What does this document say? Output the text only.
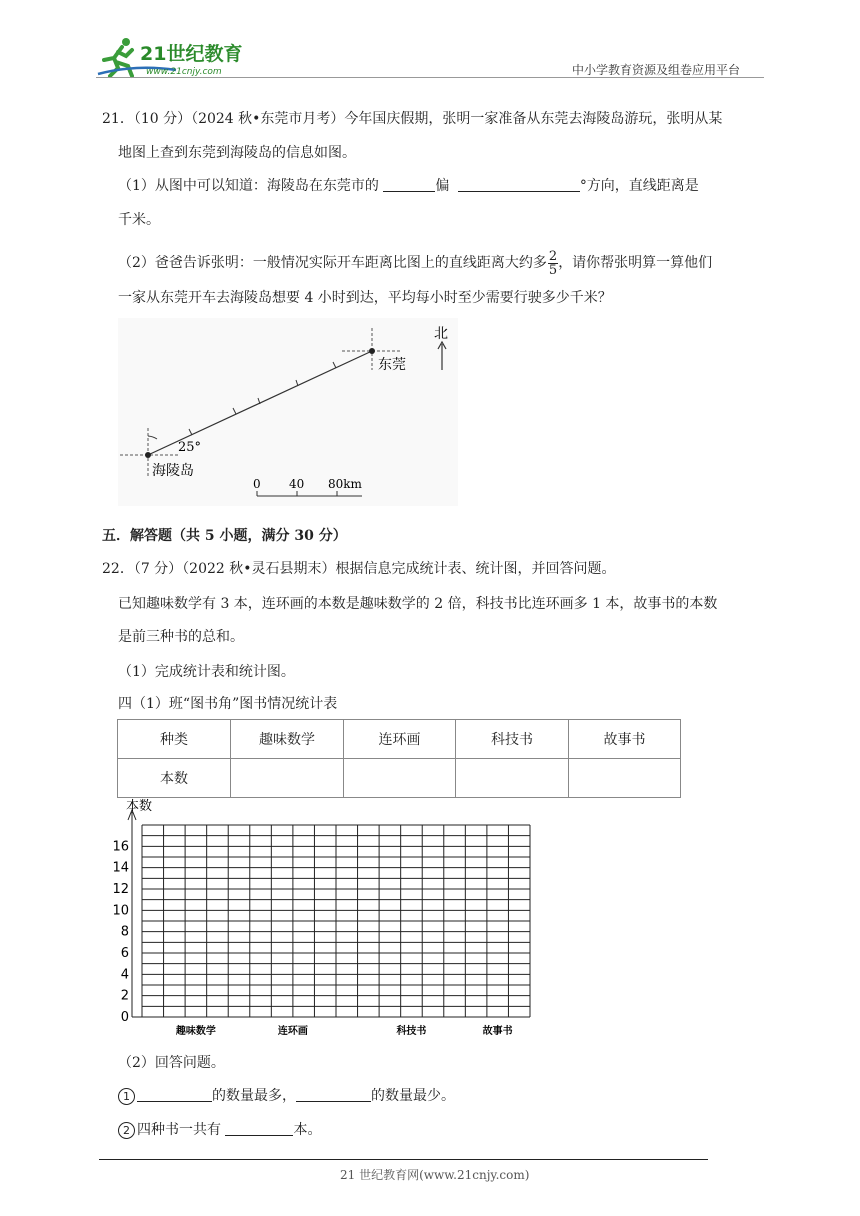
21世纪教育
www.21cnjy.com	中小学教育资源及组卷应用平台
21．（10 分）（2024 秋•东莞市月考）今年国庆假期，张明一家准备从东莞去海陵岛游玩，张明从某
地图上查到东莞到海陵岛的信息如图。
（1）从图中可以知道：海陵岛在东莞市的	偏	°方向，直线距离是
千米。
（2）爸爸告诉张明：一般情况实际开车距离比图上的直线距离大约多 $\frac{2}{5}$ ，请你帮张明算一算他们
一家从东莞开车去海陵岛想要 4 小时到达，平均每小时至少需要行驶多少千米？
25°
海陵岛
东莞
北
0 40 80km
五．解答题（共 5 小题，满分 30 分）
22．（7 分）（2022 秋•灵石县期末）根据信息完成统计表、统计图，并回答问题。
已知趣味数学有 3 本，连环画的本数是趣味数学的 2 倍，科技书比连环画多 1 本，故事书的本数
是前三种书的总和。
（1）完成统计表和统计图。
四（1）班“图书角”图书情况统计表
种类	趣味数学	连环画	科技书	故事书
本数				
本数
0
2
4
6
8
10
12
14
16
趣味数学	连环画	科技书	故事书
（2）回答问题。
1	的数量最多，	的数量最少。
2 四种书一共有	本。
21 世纪教育网(www.21cnjy.com)
